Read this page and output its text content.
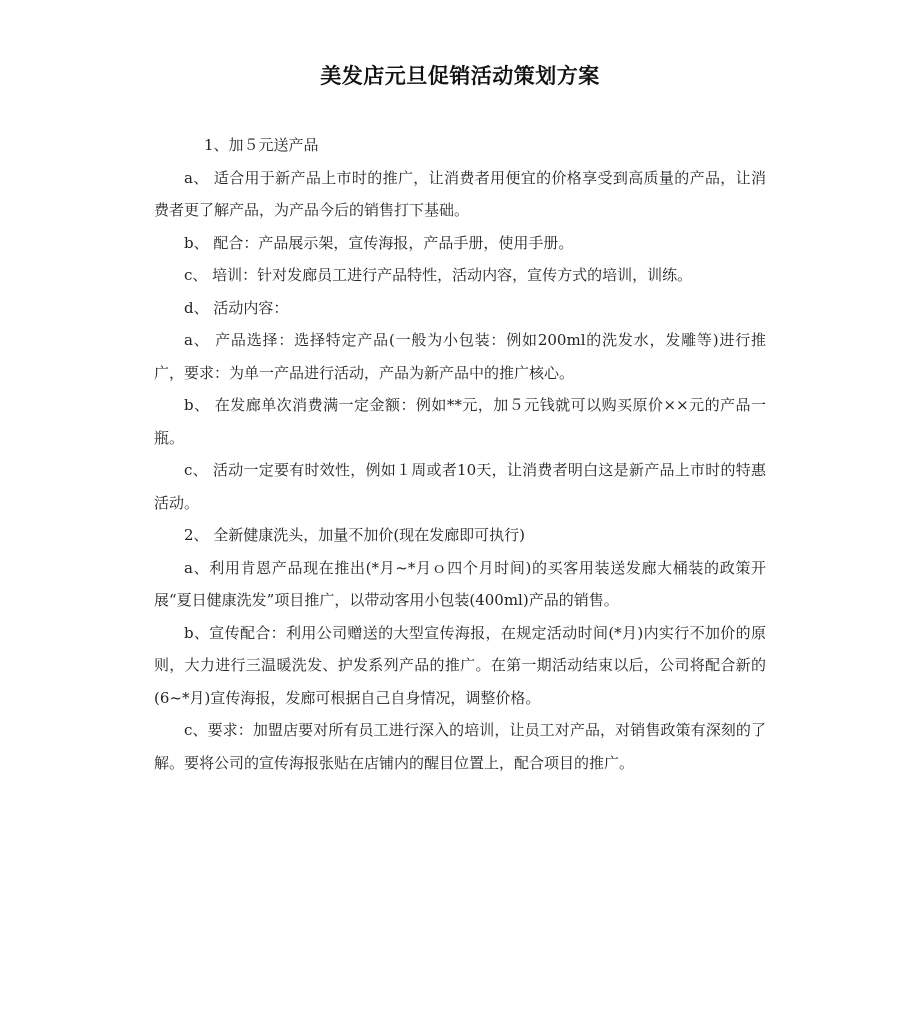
美发店元旦促销活动策划方案

1、加５元送产品

a、 适合用于新产品上市时的推广，让消费者用便宜的价格享受到高质量的产品，让消费者更了解产品，为产品今后的销售打下基础。

b、 配合：产品展示架，宣传海报，产品手册，使用手册。

c、 培训：针对发廊员工进行产品特性，活动内容，宣传方式的培训，训练。

d、 活动内容：

a、 产品选择：选择特定产品(一般为小包装：例如200ml的洗发水，发雕等)进行推广，要求：为单一产品进行活动，产品为新产品中的推广核心。

b、 在发廊单次消费满一定金额：例如**元，加５元钱就可以购买原价××元的产品一瓶。

c、 活动一定要有时效性，例如１周或者10天，让消费者明白这是新产品上市时的特惠活动。

2、 全新健康洗头，加量不加价(现在发廊即可执行)

a、利用肯恩产品现在推出(*月~*月ｏ四个月时间)的买客用装送发廊大桶装的政策开展“夏日健康洗发”项目推广，以带动客用小包装(400ml)产品的销售。

b、宣传配合：利用公司赠送的大型宣传海报，在规定活动时间(*月)内实行不加价的原则，大力进行三温暖洗发、护发系列产品的推广。在第一期活动结束以后，公司将配合新的(6~*月)宣传海报，发廊可根据自己自身情况，调整价格。

c、要求：加盟店要对所有员工进行深入的培训，让员工对产品，对销售政策有深刻的了解。要将公司的宣传海报张贴在店铺内的醒目位置上，配合项目的推广。
